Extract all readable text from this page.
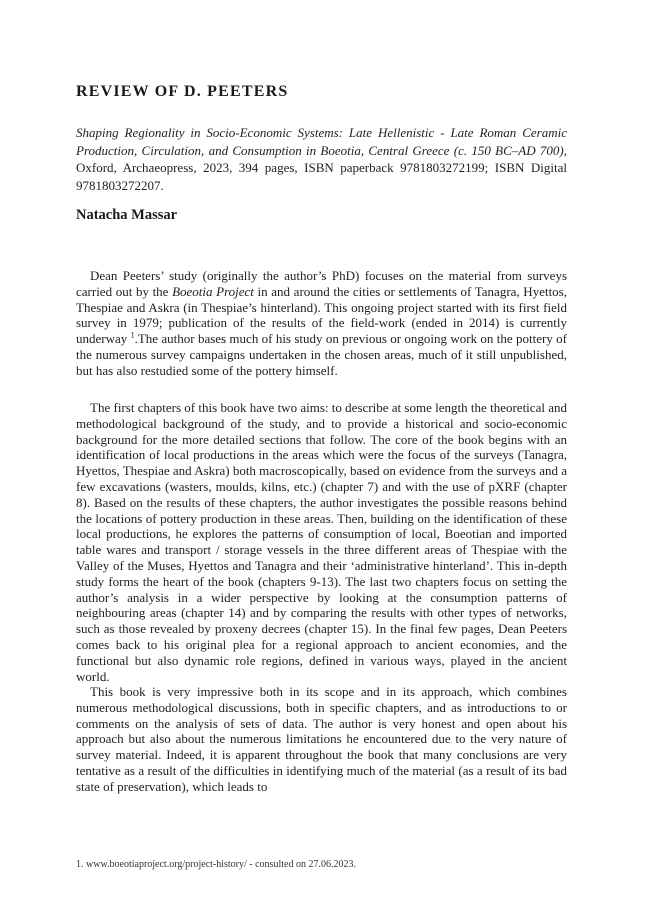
REVIEW OF D. PEETERS
Shaping Regionality in Socio-Economic Systems: Late Hellenistic - Late Roman Ceramic Production, Circulation, and Consumption in Boeotia, Central Greece (c. 150 BC–AD 700), Oxford, Archaeopress, 2023, 394 pages, ISBN paperback 9781803272199; ISBN Digital 9781803272207.
Natacha Massar

Dean Peeters’ study (originally the author’s PhD) focuses on the material from surveys carried out by the Boeotia Project in and around the cities or settlements of Tanagra, Hyettos, Thespiae and Askra (in Thespiae’s hinterland). This ongoing project started with its first field survey in 1979; publication of the results of the field-work (ended in 2014) is currently underway $^1$.The author bases much of his study on previous or ongoing work on the pottery of the numerous survey campaigns undertaken in the chosen areas, much of it still unpublished, but has also restudied some of the pottery himself.

The first chapters of this book have two aims: to describe at some length the theoretical and methodological background of the study, and to provide a historical and socio-economic background for the more detailed sections that follow. The core of the book begins with an identification of local productions in the areas which were the focus of the surveys (Tanagra, Hyettos, Thespiae and Askra) both macroscopically, based on evidence from the surveys and a few excavations (wasters, moulds, kilns, etc.) (chapter 7) and with the use of pXRF (chapter 8). Based on the results of these chapters, the author investigates the possible reasons behind the locations of pottery production in these areas. Then, building on the identification of these local productions, he explores the patterns of consumption of local, Boeotian and imported table wares and transport / storage vessels in the three different areas of Thespiae with the Valley of the Muses, Hyettos and Tanagra and their ‘administrative hinterland’. This in-depth study forms the heart of the book (chapters 9-13). The last two chapters focus on setting the author’s analysis in a wider perspective by looking at the consumption patterns of neighbouring areas (chapter 14) and by comparing the results with other types of networks, such as those revealed by proxeny decrees (chapter 15). In the final few pages, Dean Peeters comes back to his original plea for a regional approach to ancient economies, and the functional but also dynamic role regions, defined in various ways, played in the ancient world.

This book is very impressive both in its scope and in its approach, which combines numerous methodological discussions, both in specific chapters, and as introductions to or comments on the analysis of sets of data. The author is very honest and open about his approach but also about the numerous limitations he encountered due to the very nature of survey material. Indeed, it is apparent throughout the book that many conclusions are very tentative as a result of the difficulties in identifying much of the material (as a result of its bad state of preservation), which leads to

1. www.boeotiaproject.org/project-history/ - consulted on 27.06.2023.
